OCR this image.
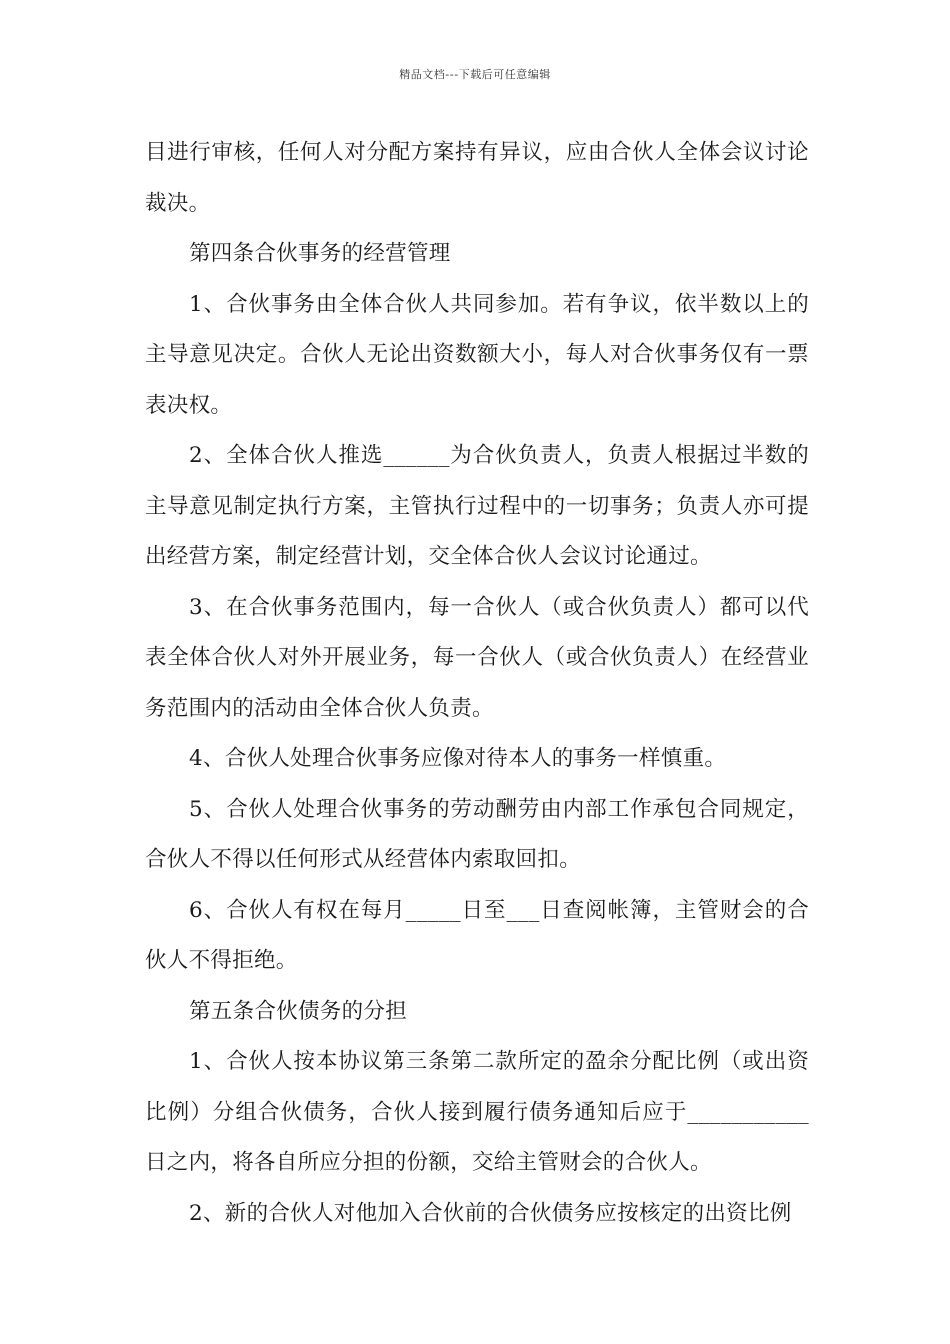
精品文档---下载后可任意编辑

目进行审核，任何人对分配方案持有异议，应由合伙人全体会议讨论裁决。

第四条合伙事务的经营管理

1、合伙事务由全体合伙人共同参加。若有争议，依半数以上的主导意见决定。合伙人无论出资数额大小，每人对合伙事务仅有一票表决权。

2、全体合伙人推选______为合伙负责人，负责人根据过半数的主导意见制定执行方案，主管执行过程中的一切事务；负责人亦可提出经营方案，制定经营计划，交全体合伙人会议讨论通过。

3、在合伙事务范围内，每一合伙人（或合伙负责人）都可以代表全体合伙人对外开展业务，每一合伙人（或合伙负责人）在经营业务范围内的活动由全体合伙人负责。

4、合伙人处理合伙事务应像对待本人的事务一样慎重。

5、合伙人处理合伙事务的劳动酬劳由内部工作承包合同规定，合伙人不得以任何形式从经营体内索取回扣。

6、合伙人有权在每月_____日至___日查阅帐簿，主管财会的合伙人不得拒绝。

第五条合伙债务的分担

1、合伙人按本协议第三条第二款所定的盈余分配比例（或出资比例）分组合伙债务，合伙人接到履行债务通知后应于___________日之内，将各自所应分担的份额，交给主管财会的合伙人。

2、新的合伙人对他加入合伙前的合伙债务应按核定的出资比例
